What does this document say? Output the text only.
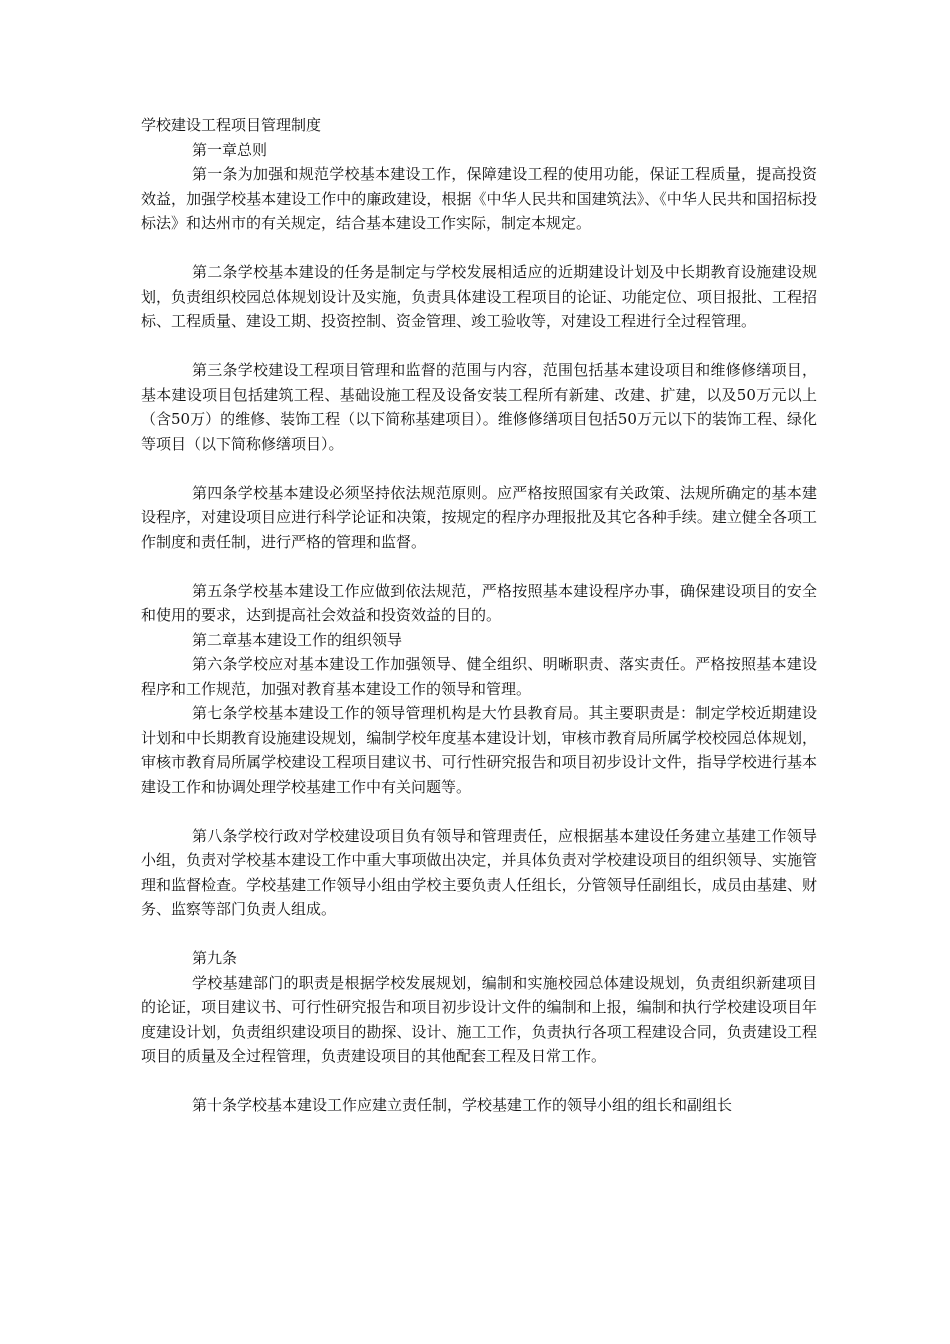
学校建设工程项目管理制度

第一章总则

第一条为加强和规范学校基本建设工作，保障建设工程的使用功能，保证工程质量，提高投资效益，加强学校基本建设工作中的廉政建设，根据《中华人民共和国建筑法》、《中华人民共和国招标投标法》和达州市的有关规定，结合基本建设工作实际，制定本规定。

第二条学校基本建设的任务是制定与学校发展相适应的近期建设计划及中长期教育设施建设规划，负责组织校园总体规划设计及实施，负责具体建设工程项目的论证、功能定位、项目报批、工程招标、工程质量、建设工期、投资控制、资金管理、竣工验收等，对建设工程进行全过程管理。

第三条学校建设工程项目管理和监督的范围与内容，范围包括基本建设项目和维修修缮项目，基本建设项目包括建筑工程、基础设施工程及设备安装工程所有新建、改建、扩建，以及50万元以上（含50万）的维修、装饰工程（以下简称基建项目）。维修修缮项目包括50万元以下的装饰工程、绿化等项目（以下简称修缮项目）。

第四条学校基本建设必须坚持依法规范原则。应严格按照国家有关政策、法规所确定的基本建设程序，对建设项目应进行科学论证和决策，按规定的程序办理报批及其它各种手续。建立健全各项工作制度和责任制，进行严格的管理和监督。

第五条学校基本建设工作应做到依法规范，严格按照基本建设程序办事，确保建设项目的安全和使用的要求，达到提高社会效益和投资效益的目的。

第二章基本建设工作的组织领导

第六条学校应对基本建设工作加强领导、健全组织、明晰职责、落实责任。严格按照基本建设程序和工作规范，加强对教育基本建设工作的领导和管理。

第七条学校基本建设工作的领导管理机构是大竹县教育局。其主要职责是：制定学校近期建设计划和中长期教育设施建设规划，编制学校年度基本建设计划，审核市教育局所属学校校园总体规划，审核市教育局所属学校建设工程项目建议书、可行性研究报告和项目初步设计文件，指导学校进行基本建设工作和协调处理学校基建工作中有关问题等。

第八条学校行政对学校建设项目负有领导和管理责任，应根据基本建设任务建立基建工作领导小组，负责对学校基本建设工作中重大事项做出决定，并具体负责对学校建设项目的组织领导、实施管理和监督检查。学校基建工作领导小组由学校主要负责人任组长，分管领导任副组长，成员由基建、财务、监察等部门负责人组成。

第九条

学校基建部门的职责是根据学校发展规划，编制和实施校园总体建设规划，负责组织新建项目的论证，项目建议书、可行性研究报告和项目初步设计文件的编制和上报，编制和执行学校建设项目年度建设计划，负责组织建设项目的勘探、设计、施工工作，负责执行各项工程建设合同，负责建设工程项目的质量及全过程管理，负责建设项目的其他配套工程及日常工作。

第十条学校基本建设工作应建立责任制，学校基建工作的领导小组的组长和副组长
